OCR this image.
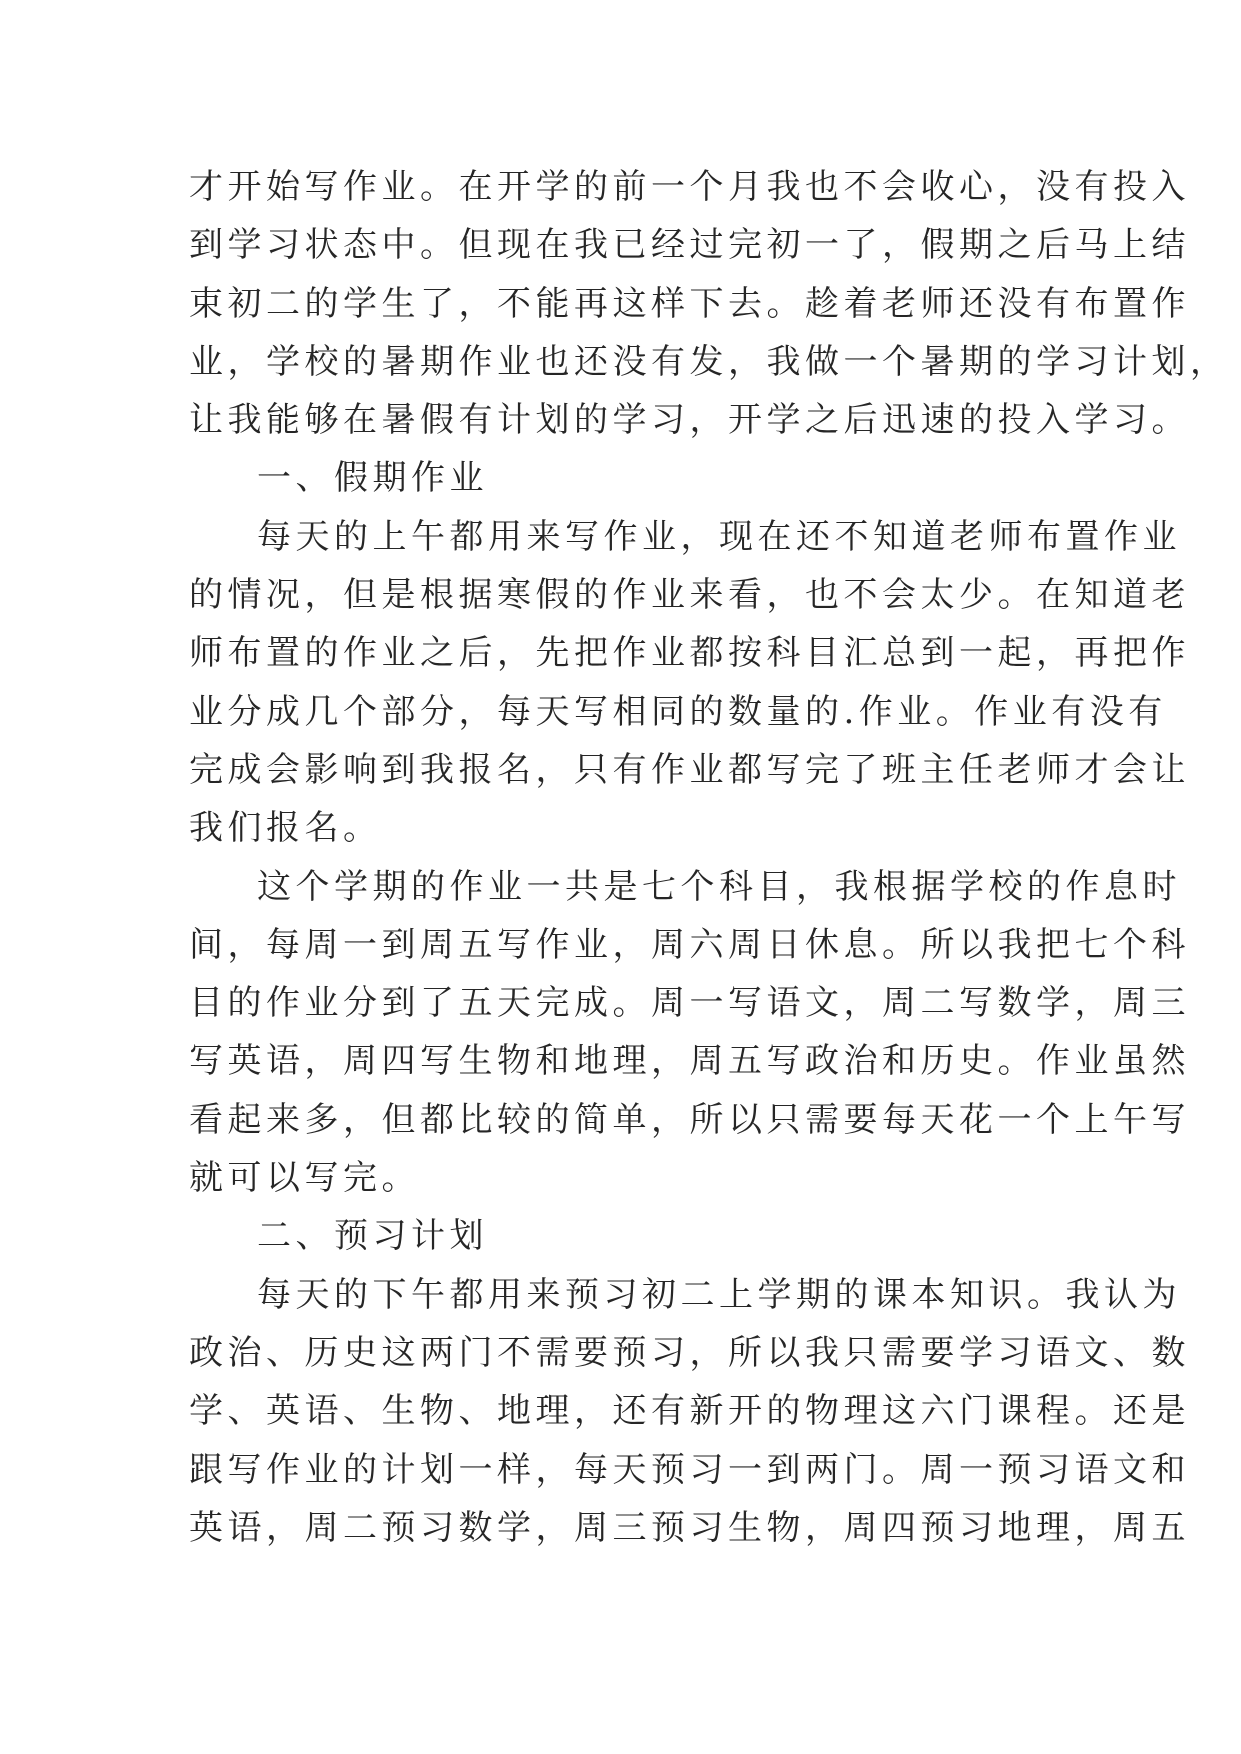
才开始写作业。在开学的前一个月我也不会收心，没有投入
到学习状态中。但现在我已经过完初一了，假期之后马上结
束初二的学生了，不能再这样下去。趁着老师还没有布置作
业，学校的暑期作业也还没有发，我做一个暑期的学习计划，
让我能够在暑假有计划的学习，开学之后迅速的投入学习。
一、假期作业
每天的上午都用来写作业，现在还不知道老师布置作业
的情况，但是根据寒假的作业来看，也不会太少。在知道老
师布置的作业之后，先把作业都按科目汇总到一起，再把作
业分成几个部分，每天写相同的数量的.作业。作业有没有
完成会影响到我报名，只有作业都写完了班主任老师才会让
我们报名。
这个学期的作业一共是七个科目，我根据学校的作息时
间，每周一到周五写作业，周六周日休息。所以我把七个科
目的作业分到了五天完成。周一写语文，周二写数学，周三
写英语，周四写生物和地理，周五写政治和历史。作业虽然
看起来多，但都比较的简单，所以只需要每天花一个上午写
就可以写完。
二、预习计划
每天的下午都用来预习初二上学期的课本知识。我认为
政治、历史这两门不需要预习，所以我只需要学习语文、数
学、英语、生物、地理，还有新开的物理这六门课程。还是
跟写作业的计划一样，每天预习一到两门。周一预习语文和
英语，周二预习数学，周三预习生物，周四预习地理，周五
